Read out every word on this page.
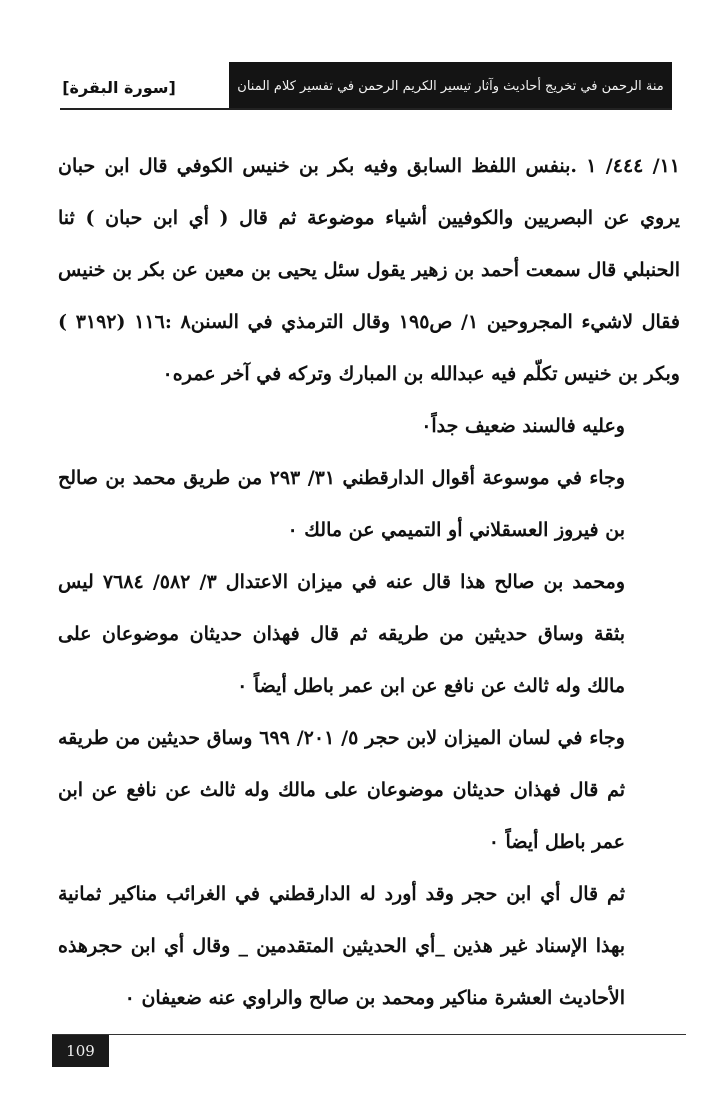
منة الرحمن في تخريج أحاديث وآثار تيسير الكريم الرحمن في تفسير كلام المنان
[سورة البقرة]

١١/ ٤٤٤/ ١ .بنفس اللفظ السابق وفيه بكر بن خنيس الكوفي قال ابن حبان يروي عن البصريين والكوفيين أشياء موضوعة ثم قال ( أي ابن حبان ) ثنا الحنبلي قال سمعت أحمد بن زهير يقول سئل يحيى بن معين عن بكر بن خنيس فقال لاشيء المجروحين ١/ ص١٩٥ وقال الترمذي في السنن٨ :١١٦ (٣١٩٢ ) وبكر بن خنيس تكلّم فيه عبدالله بن المبارك وتركه في آخر عمره٠

وعليه فالسند ضعيف جداً٠

وجاء في موسوعة أقوال الدارقطني ٣١/ ٢٩٣ من طريق محمد بن صالح بن فيروز العسقلاني أو التميمي عن مالك ٠

ومحمد بن صالح هذا قال عنه في ميزان الاعتدال ٣/ ٥٨٢/ ٧٦٨٤ ليس بثقة وساق حديثين من طريقه ثم قال فهذان حديثان موضوعان على مالك وله ثالث عن نافع عن ابن عمر باطل أيضاً ٠

وجاء في لسان الميزان لابن حجر ٥/ ٢٠١/ ٦٩٩ وساق حديثين من طريقه ثم قال فهذان حديثان موضوعان على مالك وله ثالث عن نافع عن ابن عمر باطل أيضاً ٠

ثم قال أي ابن حجر وقد أورد له الدارقطني في الغرائب مناكير ثمانية بهذا الإسناد غير هذين _أي الحديثين المتقدمين _ وقال أي ابن حجرهذه الأحاديث العشرة مناكير ومحمد بن صالح والراوي عنه ضعيفان ٠

109
